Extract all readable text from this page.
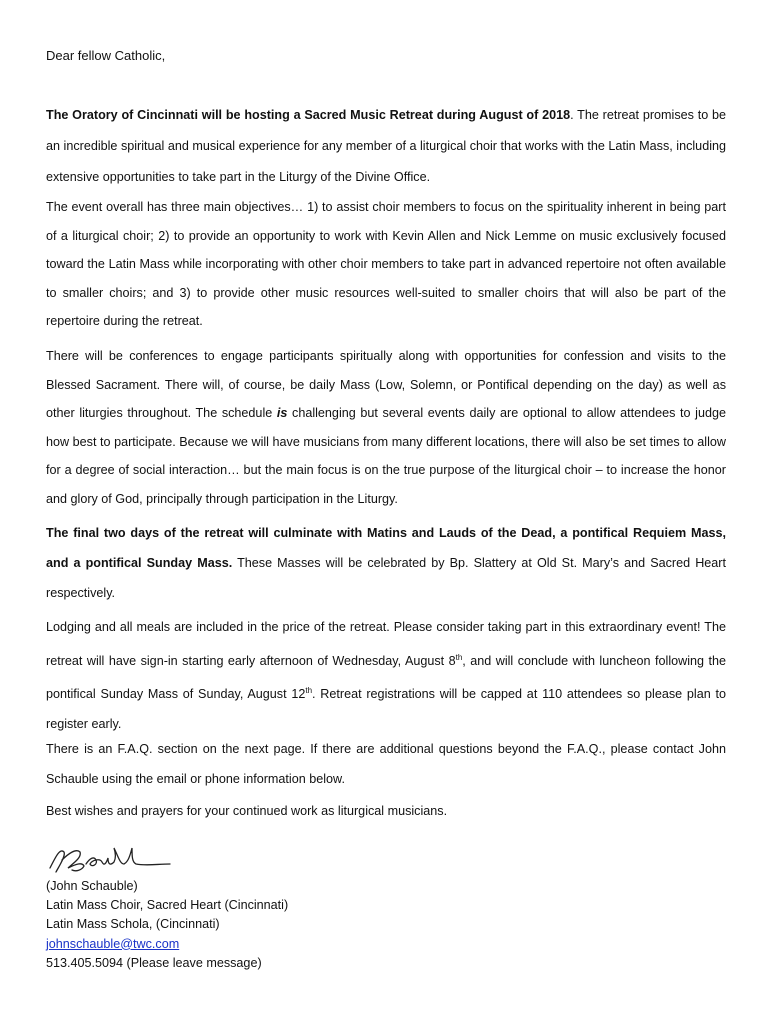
Dear fellow Catholic,

The Oratory of Cincinnati will be hosting a Sacred Music Retreat during August of 2018. The retreat promises to be an incredible spiritual and musical experience for any member of a liturgical choir that works with the Latin Mass, including extensive opportunities to take part in the Liturgy of the Divine Office.

The event overall has three main objectives… 1) to assist choir members to focus on the spirituality inherent in being part of a liturgical choir; 2) to provide an opportunity to work with Kevin Allen and Nick Lemme on music exclusively focused toward the Latin Mass while incorporating with other choir members to take part in advanced repertoire not often available to smaller choirs; and 3) to provide other music resources well-suited to smaller choirs that will also be part of the repertoire during the retreat.

There will be conferences to engage participants spiritually along with opportunities for confession and visits to the Blessed Sacrament. There will, of course, be daily Mass (Low, Solemn, or Pontifical depending on the day) as well as other liturgies throughout. The schedule is challenging but several events daily are optional to allow attendees to judge how best to participate. Because we will have musicians from many different locations, there will also be set times to allow for a degree of social interaction… but the main focus is on the true purpose of the liturgical choir – to increase the honor and glory of God, principally through participation in the Liturgy.

The final two days of the retreat will culminate with Matins and Lauds of the Dead, a pontifical Requiem Mass, and a pontifical Sunday Mass. These Masses will be celebrated by Bp. Slattery at Old St. Mary’s and Sacred Heart respectively.

Lodging and all meals are included in the price of the retreat. Please consider taking part in this extraordinary event! The retreat will have sign-in starting early afternoon of Wednesday, August 8th, and will conclude with luncheon following the pontifical Sunday Mass of Sunday, August 12th. Retreat registrations will be capped at 110 attendees so please plan to register early.

There is an F.A.Q. section on the next page. If there are additional questions beyond the F.A.Q., please contact John Schauble using the email or phone information below.

Best wishes and prayers for your continued work as liturgical musicians.

(John Schauble)
Latin Mass Choir, Sacred Heart (Cincinnati)
Latin Mass Schola, (Cincinnati)
johnschauble@twc.com
513.405.5094 (Please leave message)
